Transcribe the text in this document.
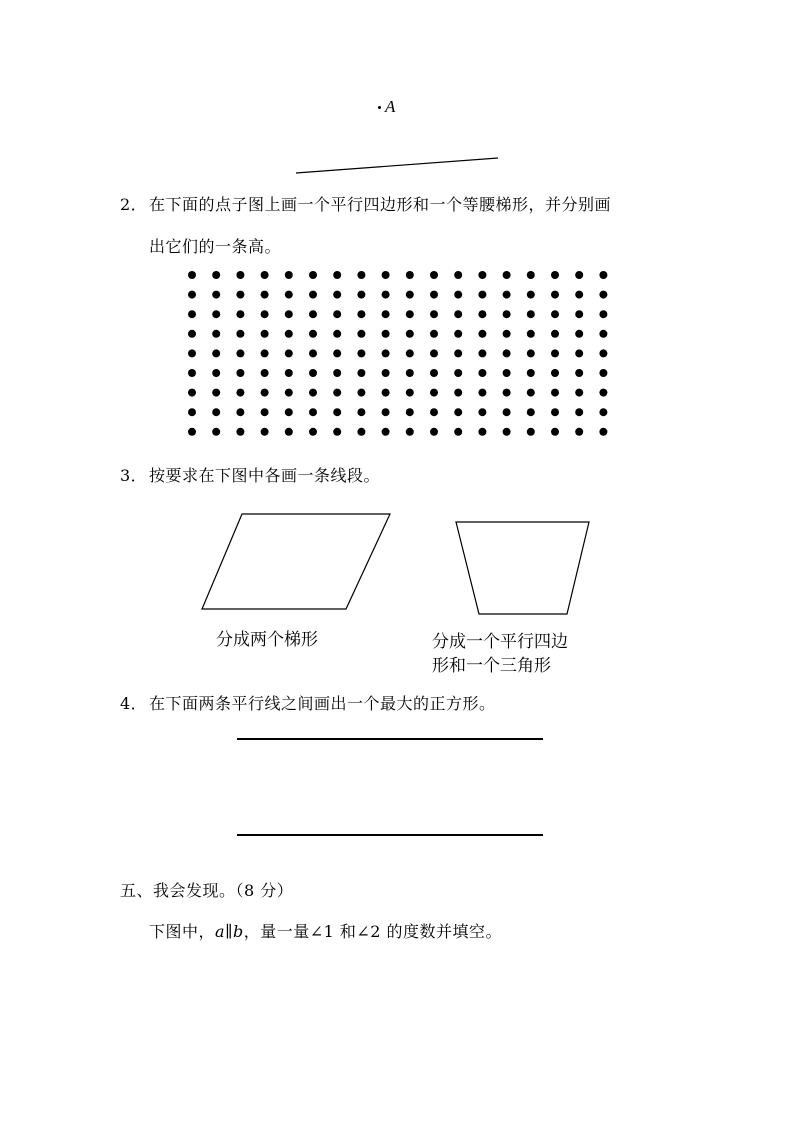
A
2． 在下面的点子图上画一个平行四边形和一个等腰梯形，并分别画
出它们的一条高。
3． 按要求在下图中各画一条线段。
分成两个梯形	分成一个平行四边
形和一个三角形
4． 在下面两条平行线之间画出一个最大的正方形。
五、我会发现。（8 分）
下图中，a∥b，量一量∠1 和∠2 的度数并填空。
